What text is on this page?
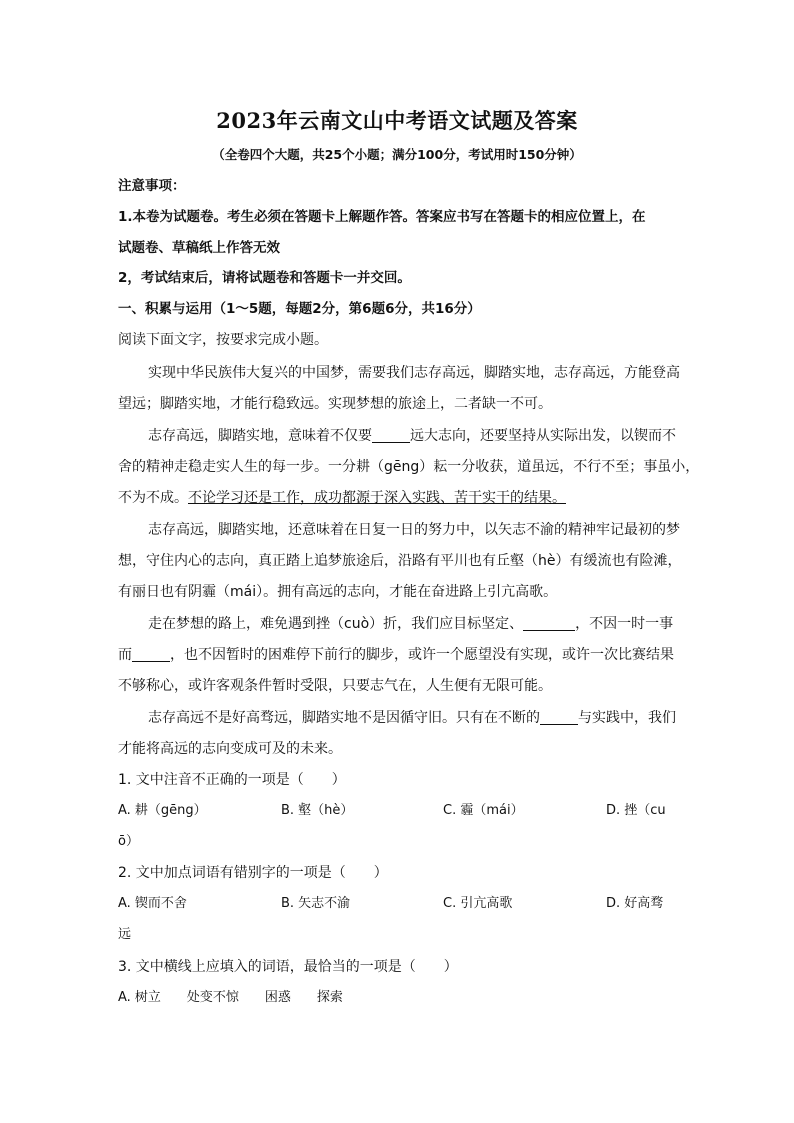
2023年云南文山中考语文试题及答案
（全卷四个大题，共25个小题；满分100分，考试用时150分钟）
注意事项：
1.本卷为试题卷。考生必须在答题卡上解题作答。答案应书写在答题卡的相应位置上，在
试题卷、草稿纸上作答无效
2，考试结束后，请将试题卷和答题卡一并交回。
一、积累与运用（1～5题，每题2分，第6题6分，共16分）
阅读下面文字，按要求完成小题。
实现中华民族伟大复兴的中国梦，需要我们志存高远，脚踏实地，志存高远，方能登高
望远；脚踏实地，才能行稳致远。实现梦想的旅途上，二者缺一不可。
志存高远，脚踏实地，意味着不仅要	远大志向，还要坚持从实际出发，以锲而不
舍的精神走稳走实人生的每一步。一分耕（gēng）耘一分收获，道虽远，不行不至；事虽小，
不为不成。不论学习还是工作，成功都源于深入实践、苦干实干的结果。
志存高远，脚踏实地，还意味着在日复一日的努力中，以矢志不渝的精神牢记最初的梦
想，守住内心的志向，真正踏上追梦旅途后，沿路有平川也有丘壑（hè）有缓流也有险滩，
有丽日也有阴霾（mái）。拥有高远的志向，才能在奋进路上引亢高歌。
走在梦想的路上，难免遇到挫（cuò）折，我们应目标坚定、	，不因一时一事
而	，也不因暂时的困难停下前行的脚步，或许一个愿望没有实现，或许一次比赛结果
不够称心，或许客观条件暂时受限，只要志气在，人生便有无限可能。
志存高远不是好高骛远，脚踏实地不是因循守旧。只有在不断的	与实践中，我们
才能将高远的志向变成可及的未来。
1. 文中注音不正确的一项是（　　）
A. 耕（gēng）	B. 壑（hè）	C. 霾（mái）	D. 挫（cu
ō）
2. 文中加点词语有错别字的一项是（　　）
A. 锲而不舍	B. 矢志不渝	C. 引亢高歌	D. 好高骛
远
3. 文中横线上应填入的词语，最恰当的一项是（　　）
A. 树立　　处变不惊　　困惑　　探索
